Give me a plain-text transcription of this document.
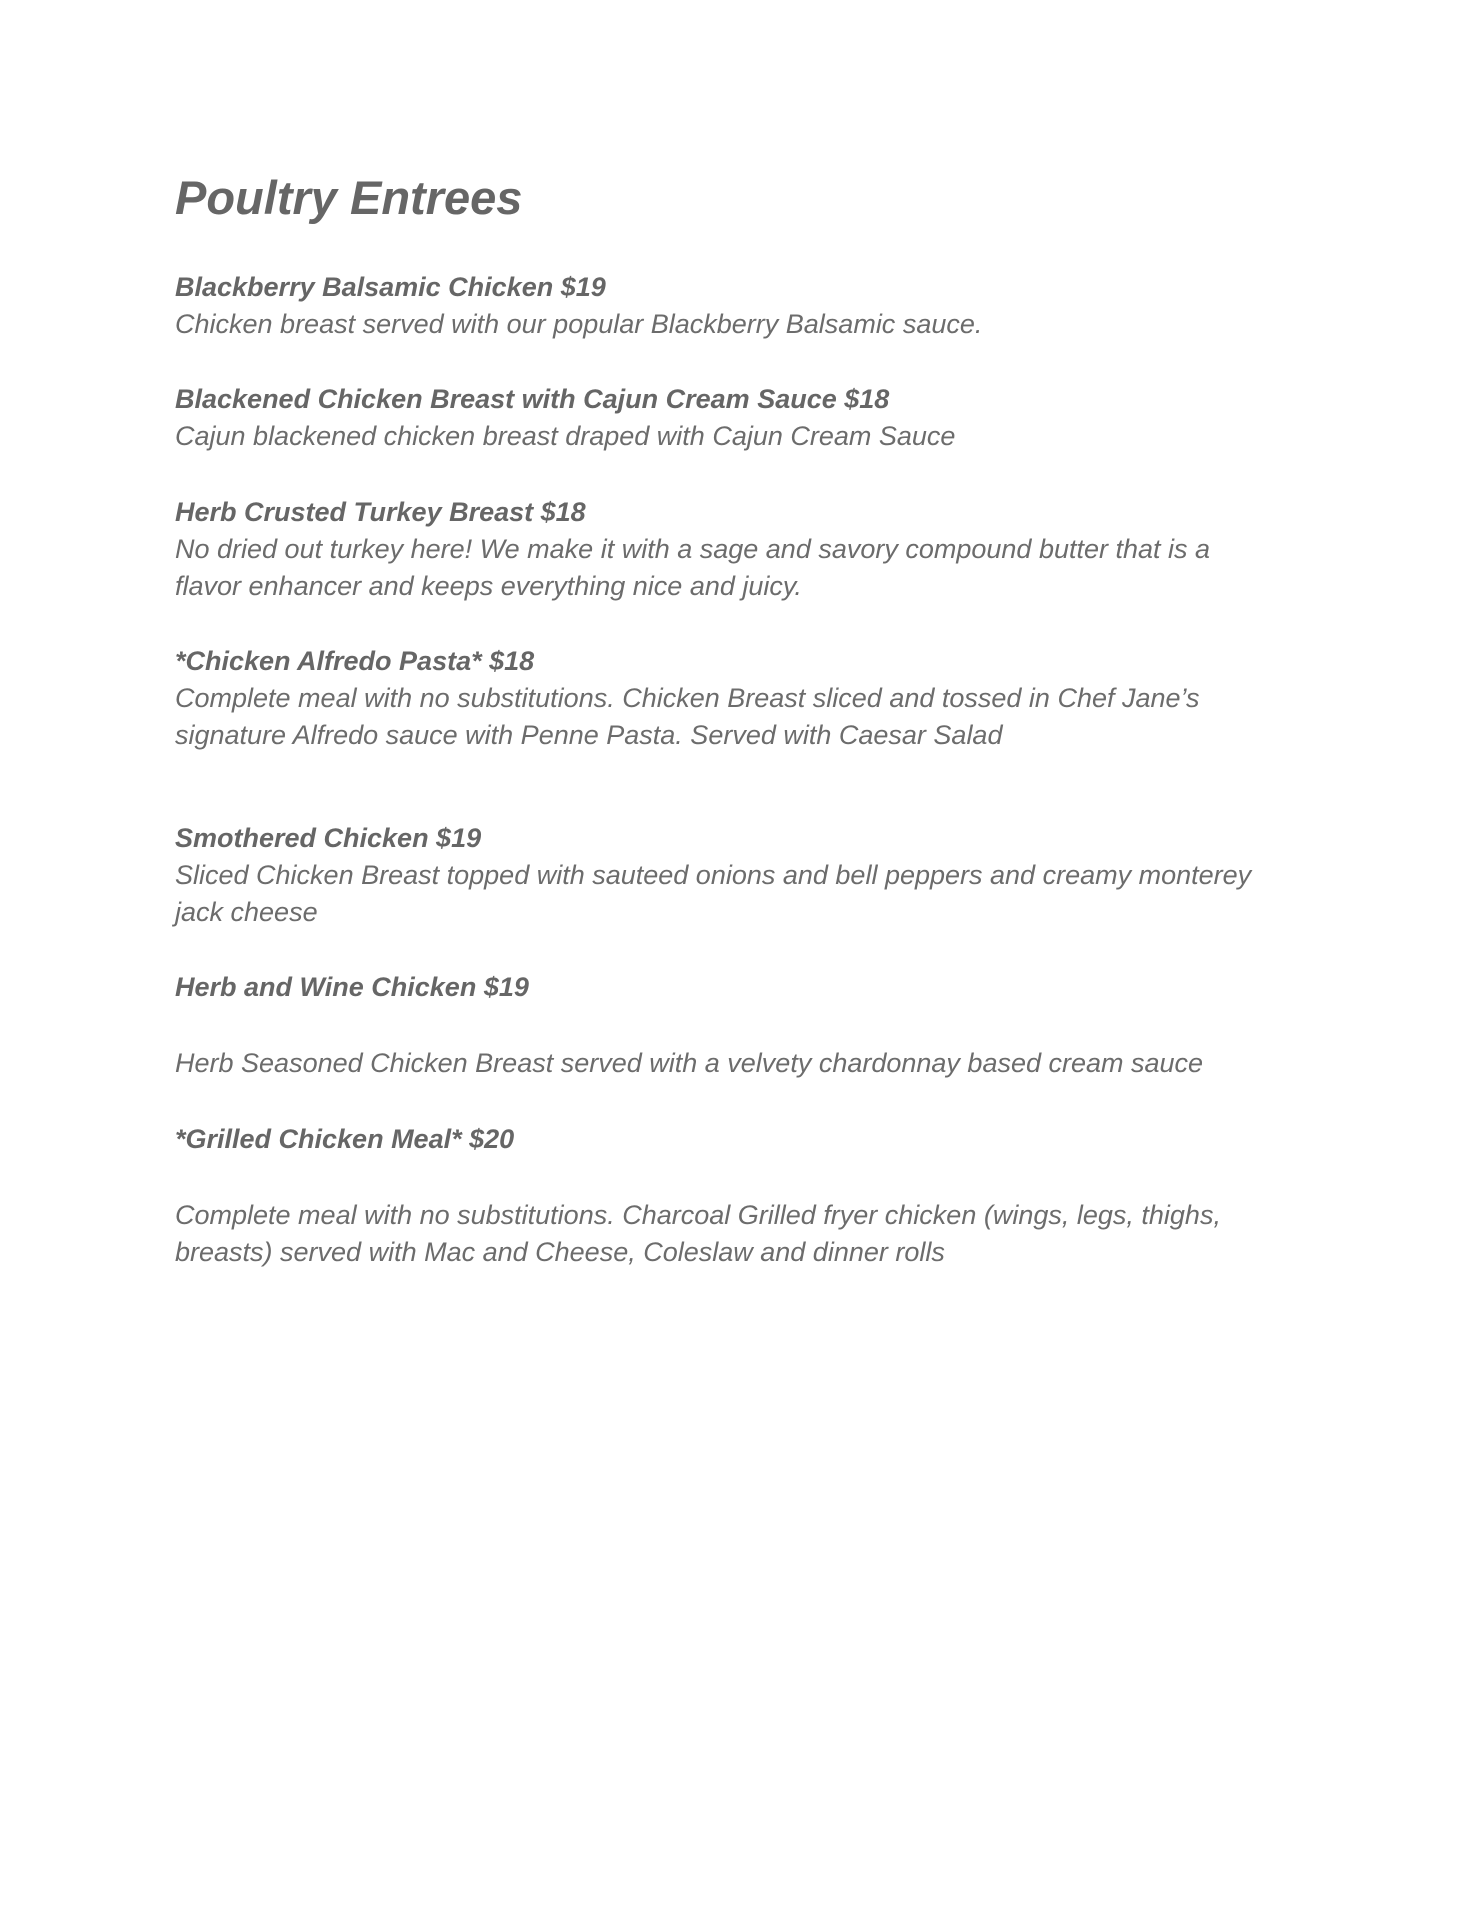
Poultry Entrees

Blackberry Balsamic Chicken $19

Chicken breast served with our popular Blackberry Balsamic sauce.

Blackened Chicken Breast with Cajun Cream Sauce $18

Cajun blackened chicken breast draped with Cajun Cream Sauce

Herb Crusted Turkey Breast $18

No dried out turkey here! We make it with a sage and savory compound butter that is a

flavor enhancer and keeps everything nice and juicy.

*Chicken Alfredo Pasta* $18

Complete meal with no substitutions. Chicken Breast sliced and tossed in Chef Jane’s

signature Alfredo sauce with Penne Pasta. Served with Caesar Salad

Smothered Chicken $19

Sliced Chicken Breast topped with sauteed onions and bell peppers and creamy monterey

jack cheese

Herb and Wine Chicken $19

Herb Seasoned Chicken Breast served with a velvety chardonnay based cream sauce

*Grilled Chicken Meal* $20

Complete meal with no substitutions. Charcoal Grilled fryer chicken (wings, legs, thighs,

breasts) served with Mac and Cheese, Coleslaw and dinner rolls
